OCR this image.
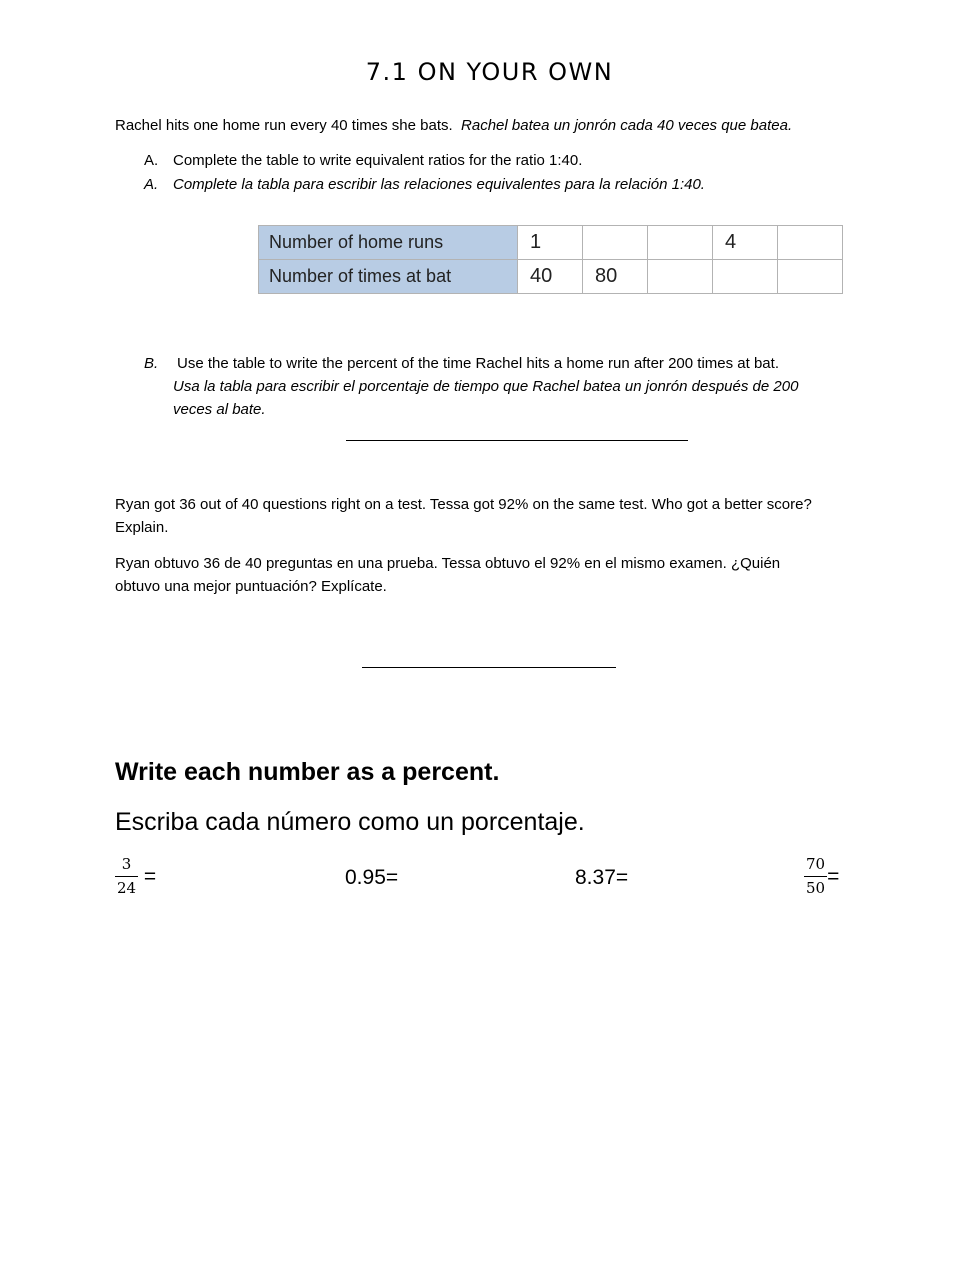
7.1 ON YOUR OWN
Rachel hits one home run every 40 times she bats. Rachel batea un jonrón cada 40 veces que batea.
A. Complete the table to write equivalent ratios for the ratio 1:40.
A. Complete la tabla para escribir las relaciones equivalentes para la relación 1:40.
Number of home runs	1			4	
Number of times at bat	40	80			
B. Use the table to write the percent of the time Rachel hits a home run after 200 times at bat.
Usa la tabla para escribir el porcentaje de tiempo que Rachel batea un jonrón después de 200
veces al bate.
Ryan got 36 out of 40 questions right on a test. Tessa got 92% on the same test. Who got a better score?
Explain.
Ryan obtuvo 36 de 40 preguntas en una prueba. Tessa obtuvo el 92% en el mismo examen. ¿Quién
obtuvo una mejor puntuación? Explícate.
Write each number as a percent.
Escriba cada número como un porcentaje.
$\frac{3}{24}$ =	0.95=	8.37=	$\frac{70}{50}$ =
